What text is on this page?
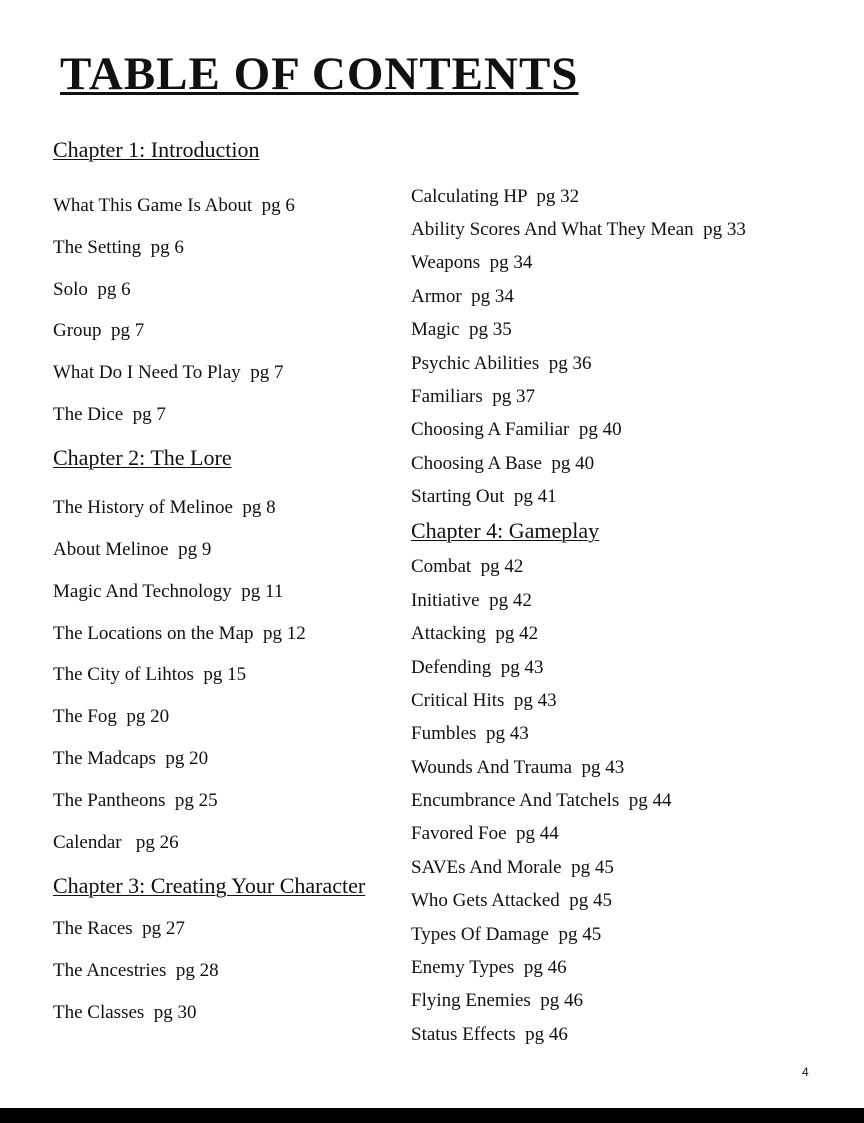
TABLE OF CONTENTS
Chapter 1: Introduction
What This Game Is About  pg 6
The Setting  pg 6
Solo  pg 6
Group  pg 7
What Do I Need To Play  pg 7
The Dice  pg 7
Chapter 2: The Lore
The History of Melinoe  pg 8
About Melinoe  pg 9
Magic And Technology  pg 11
The Locations on the Map  pg 12
The City of Lihtos  pg 15
The Fog  pg 20
The Madcaps  pg 20
The Pantheons  pg 25
Calendar   pg 26
Chapter 3: Creating Your Character
The Races  pg 27
The Ancestries  pg 28
The Classes  pg 30
Calculating HP  pg 32
Ability Scores And What They Mean  pg 33
Weapons  pg 34
Armor  pg 34
Magic  pg 35
Psychic Abilities  pg 36
Familiars  pg 37
Choosing A Familiar  pg 40
Choosing A Base  pg 40
Starting Out  pg 41
Chapter 4: Gameplay
Combat  pg 42
Initiative  pg 42
Attacking  pg 42
Defending  pg 43
Critical Hits  pg 43
Fumbles  pg 43
Wounds And Trauma  pg 43
Encumbrance And Tatchels  pg 44
Favored Foe  pg 44
SAVEs And Morale  pg 45
Who Gets Attacked  pg 45
Types Of Damage  pg 45
Enemy Types  pg 46
Flying Enemies  pg 46
Status Effects  pg 46
4
